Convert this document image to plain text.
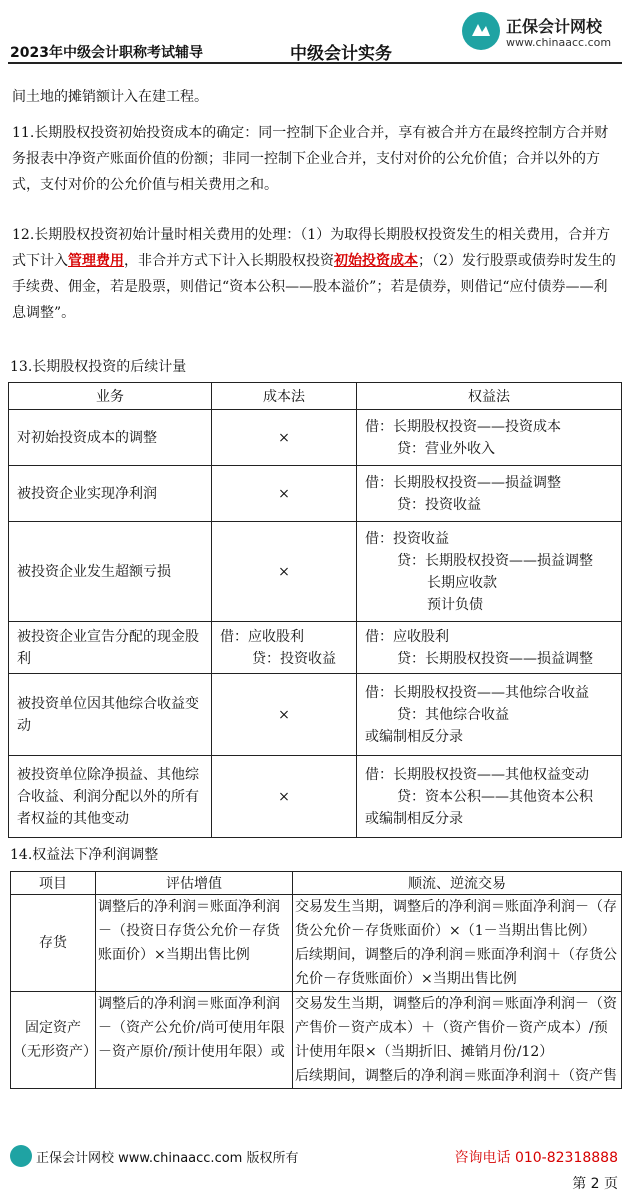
2023年中级会计职称考试辅导	中级会计实务
正保会计网校
www.chinaacc.com
间土地的摊销额计入在建工程。
11.长期股权投资初始投资成本的确定：同一控制下企业合并，享有被合并方在最终控制方合并财务报表中净资产账面价值的份额；非同一控制下企业合并，支付对价的公允价值；合并以外的方式，支付对价的公允价值与相关费用之和。
12.长期股权投资初始计量时相关费用的处理：（1）为取得长期股权投资发生的相关费用，合并方式下计入管理费用，非合并方式下计入长期股权投资初始投资成本；（2）发行股票或债券时发生的手续费、佣金，若是股票，则借记“资本公积——股本溢价”；若是债券，则借记“应付债券——利息调整”。
13.长期股权投资的后续计量
业务	成本法	权益法
对初始投资成本的调整	×	借：长期股权投资——投资成本
贷：营业外收入

被投资企业实现净利润	×	借：长期股权投资——损益调整
贷：投资收益

被投资企业发生超额亏损	×	借：投资收益
贷：长期股权投资——损益调整
长期应收款
预计负债

被投资企业宣告分配的现金股利	借：应收股利
贷：投资收益	借：应收股利
贷：长期股权投资——损益调整

被投资单位因其他综合收益变动	×	借：长期股权投资——其他综合收益
贷：其他综合收益
或编制相反分录

被投资单位除净损益、其他综合收益、利润分配以外的所有者权益的其他变动	×	借：长期股权投资——其他权益变动
贷：资本公积——其他资本公积
或编制相反分录
14.权益法下净利润调整
项目	评估增值	顺流、逆流交易
存货	调整后的净利润＝账面净利润－（投资日存货公允价－存货账面价）×当期出售比例	交易发生当期，调整后的净利润＝账面净利润－（存货公允价－存货账面价）×（1－当期出售比例）
后续期间，调整后的净利润＝账面净利润＋（存货公允价－存货账面价）×当期出售比例

固定资产（无形资产）	调整后的净利润＝账面净利润－（资产公允价/尚可使用年限－资产原价/预计使用年限）或	交易发生当期，调整后的净利润＝账面净利润－（资产售价－资产成本）＋（资产售价－资产成本）/预计使用年限×（当期折旧、摊销月份/12）
后续期间，调整后的净利润＝账面净利润＋（资产售
正保会计网校 www.chinaacc.com 版权所有	咨询电话 010-82318888
第 2 页
